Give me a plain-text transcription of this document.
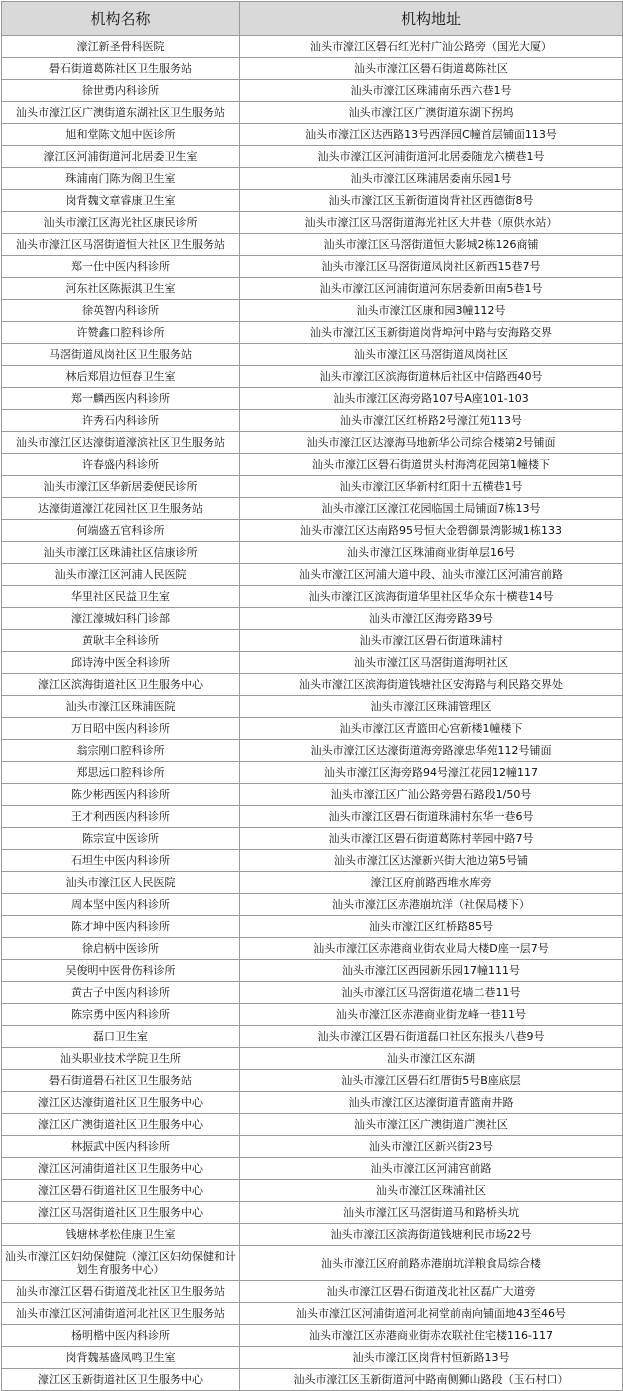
机构名称	机构地址
濠江新圣骨科医院	汕头市濠江区礐石红光村广汕公路旁（国光大厦）
礐石街道葛陈社区卫生服务站	汕头市濠江区礐石街道葛陈社区
徐世勇内科诊所	汕头市濠江区珠浦南乐西六巷1号
汕头市濠江区广澳街道东湖社区卫生服务站	汕头市濠江区广澳街道东湖下拐坞
旭和堂陈文旭中医诊所	汕头市濠江区达西路13号西泽园C幢首层铺面113号
濠江区河浦街道河北居委卫生室	汕头市濠江区河浦街道河北居委随龙六横巷1号
珠浦南门陈为阁卫生室	汕头市濠江区珠浦居委南乐园1号
岗背魏文章睿康卫生室	汕头市濠江区玉新街道岗背社区西德街8号
汕头市濠江区海光社区康民诊所	汕头市濠江区马滘街道海光社区大井巷（原供水站）
汕头市濠江区马滘街道恒大社区卫生服务站	汕头市濠江区马滘街道恒大影城2栋126商铺
郑一仕中医内科诊所	汕头市濠江区马滘街道凤岗社区新西15巷7号
河东社区陈振淇卫生室	汕头市濠江区河浦街道河东居委新田南5巷1号
徐英智内科诊所	汕头市濠江区康和园3幢112号
许赞鑫口腔科诊所	汕头市濠江区玉新街道岗背埠河中路与安海路交界
马滘街道凤岗社区卫生服务站	汕头市濠江区马滘街道凤岗社区
林后郑眉边恒春卫生室	汕头市濠江区滨海街道林后社区中信路西40号
郑一麟西医内科诊所	汕头市濠江区海旁路107号A座101-103
许秀石内科诊所	汕头市濠江区红桥路2号濠江苑113号
汕头市濠江区达濠街道濠滨社区卫生服务站	汕头市濠江区达濠海马地新华公司综合楼第2号铺面
许春盛内科诊所	汕头市濠江区礐石街道贯头村海湾花园第1幢楼下
汕头市濠江区华新居委便民诊所	汕头市濠江区华新村红阳十五横巷1号
达濠街道濠江花园社区卫生服务站	汕头市濠江区濠江花园临国土局铺面7栋13号
何端盛五官科诊所	汕头市濠江区达南路95号恒大金碧御景湾影城1栋133
汕头市濠江区珠浦社区信康诊所	汕头市濠江区珠浦商业街单层16号
汕头市濠江区河浦人民医院	汕头市濠江区河浦大道中段、汕头市濠江区河浦宫前路
华里社区民益卫生室	汕头市濠江区滨海街道华里社区华众东十横巷14号
濠江濠城妇科门诊部	汕头市濠江区海旁路39号
黄耿丰全科诊所	汕头市濠江区礐石街道珠浦村
邱诗涛中医全科诊所	汕头市濠江区马滘街道海明社区
濠江区滨海街道社区卫生服务中心	汕头市濠江区滨海街道钱塘社区安海路与利民路交界处
汕头市濠江区珠浦医院	汕头市濠江区珠浦管理区
万日昭中医内科诊所	汕头市濠江区青篮田心宫新楼1幢楼下
翁宗刚口腔科诊所	汕头市濠江区达濠街道海旁路濠忠华苑112号铺面
郑思远口腔科诊所	汕头市濠江区海旁路94号濠江花园12幢117
陈少彬西医内科诊所	汕头市濠江区广汕公路旁礐石路段1/50号
王才利西医内科诊所	汕头市濠江区礐石街道珠浦村东华一巷6号
陈宗宣中医诊所	汕头市濠江区礐石街道葛陈村莘园中路7号
石坦生中医内科诊所	汕头市濠江区达濠新兴街大池边第5号铺
汕头市濠江区人民医院	濠江区府前路西堆水库旁
周本坚中医内科诊所	汕头市濠江区赤港崩坑洋（社保局楼下）
陈才坤中医内科诊所	汕头市濠江区红桥路85号
徐启柄中医诊所	汕头市濠江区赤港商业街农业局大楼D座一层7号
吴俊明中医骨伤科诊所	汕头市濠江区西园新乐园17幢111号
黄古子中医内科诊所	汕头市濠江区马滘街道花墙二巷11号
陈宗勇中医内科诊所	汕头市濠江区赤港商业街龙峰一巷11号
磊口卫生室	汕头市濠江区礐石街道磊口社区东报头八巷9号
汕头职业技术学院卫生所	汕头市濠江区东湖
礐石街道礐石社区卫生服务站	汕头市濠江区礐石红厝街5号B座底层
濠江区达濠街道社区卫生服务中心	汕头市濠江区达濠街道青篮南井路
濠江区广澳街道社区卫生服务中心	汕头市濠江区广澳街道广澳社区
林振武中医内科诊所	汕头市濠江区新兴街23号
濠江区河浦街道社区卫生服务中心	汕头市濠江区河浦宫前路
濠江区礐石街道社区卫生服务中心	汕头市濠江区珠浦社区
濠江区马滘街道社区卫生服务中心	汕头市濠江区马滘街道马和路桥头坑
钱塘林孝松佳康卫生室	汕头市濠江区滨海街道钱塘利民市场22号
汕头市濠江区妇幼保健院（濠江区妇幼保健和计划生育服务中心）	汕头市濠江区府前路赤港崩坑洋粮食局综合楼
汕头市濠江区礐石街道茂北社区卫生服务站	汕头市濠江区礐石街道茂北社区磊广大道旁
汕头市濠江区河浦街道河北社区卫生服务站	汕头市濠江区河浦街道河北祠堂前南向铺面地43至46号
杨明楷中医内科诊所	汕头市濠江区赤港商业街赤农联社住宅楼116-117
岗背魏基盛凤鸣卫生室	汕头市濠江区岗背村恒新路13号
濠江区玉新街道社区卫生服务中心	汕头市濠江区玉新街道河中路南侧狮山路段（玉石村口）
